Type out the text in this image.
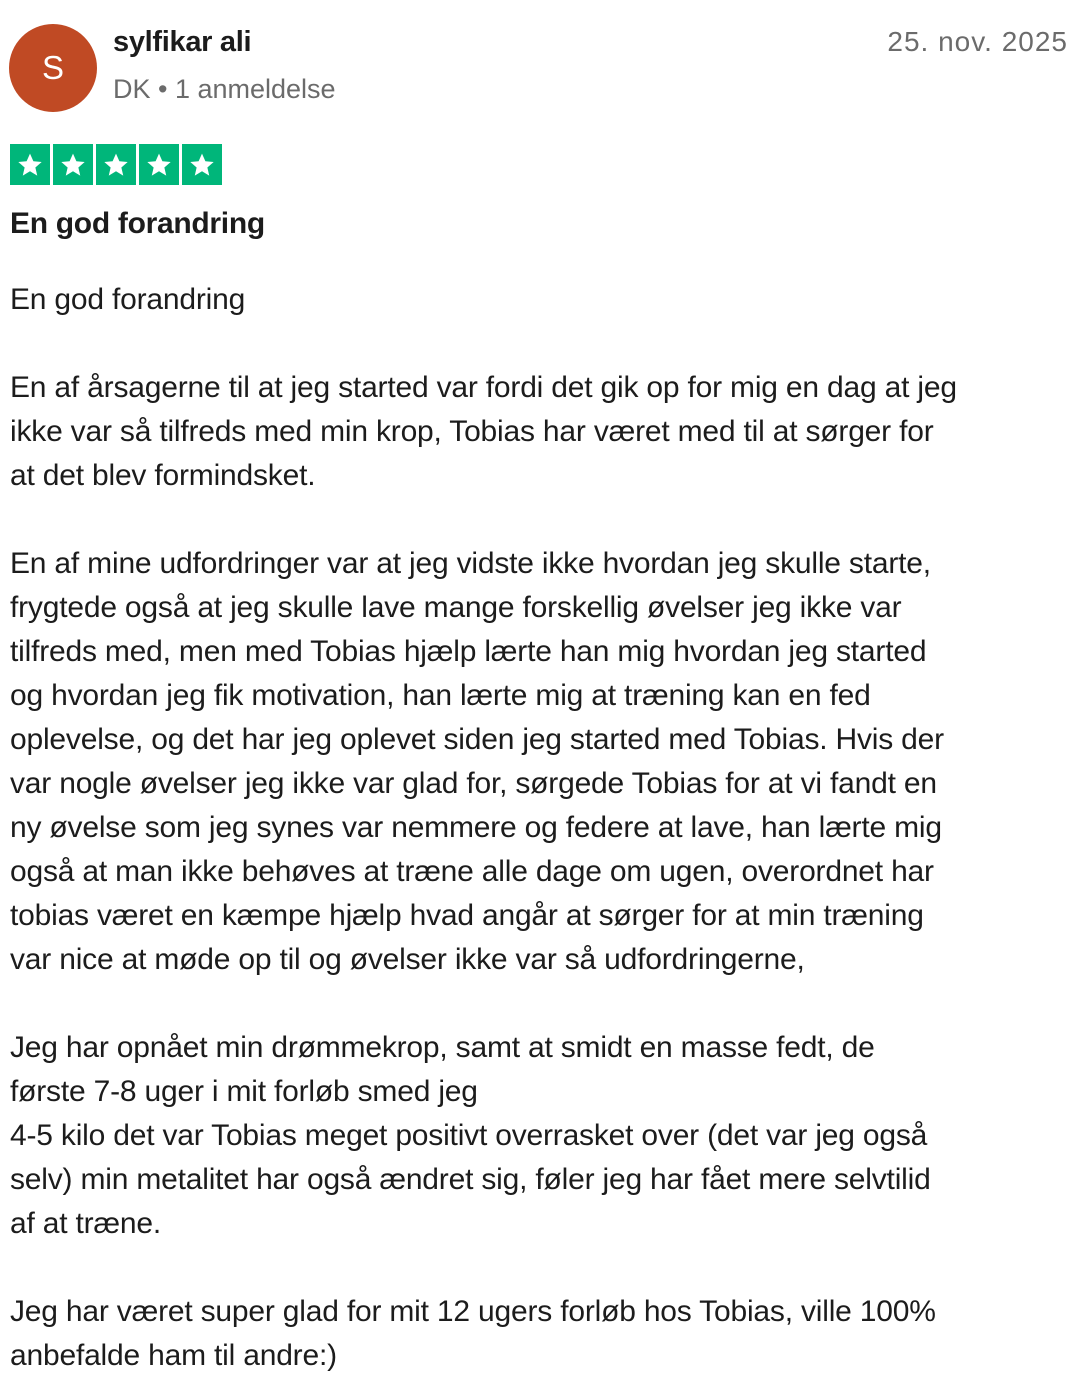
S
sylfikar ali
DK • 1 anmeldelse
25. nov. 2025
En god forandring

En god forandring

En af årsagerne til at jeg started var fordi det gik op for mig en dag at jeg
ikke var så tilfreds med min krop, Tobias har været med til at sørger for
at det blev formindsket.

En af mine udfordringer var at jeg vidste ikke hvordan jeg skulle starte,
frygtede også at jeg skulle lave mange forskellig øvelser jeg ikke var
tilfreds med, men med Tobias hjælp lærte han mig hvordan jeg started
og hvordan jeg fik motivation, han lærte mig at træning kan en fed
oplevelse, og det har jeg oplevet siden jeg started med Tobias. Hvis der
var nogle øvelser jeg ikke var glad for, sørgede Tobias for at vi fandt en
ny øvelse som jeg synes var nemmere og federe at lave, han lærte mig
også at man ikke behøves at træne alle dage om ugen, overordnet har
tobias været en kæmpe hjælp hvad angår at sørger for at min træning
var nice at møde op til og øvelser ikke var så udfordringerne,

Jeg har opnået min drømmekrop, samt at smidt en masse fedt, de
første 7-8 uger i mit forløb smed jeg
4-5 kilo det var Tobias meget positivt overrasket over (det var jeg også
selv) min metalitet har også ændret sig, føler jeg har fået mere selvtilid
af at træne.

Jeg har været super glad for mit 12 ugers forløb hos Tobias, ville 100%
anbefalde ham til andre:)
